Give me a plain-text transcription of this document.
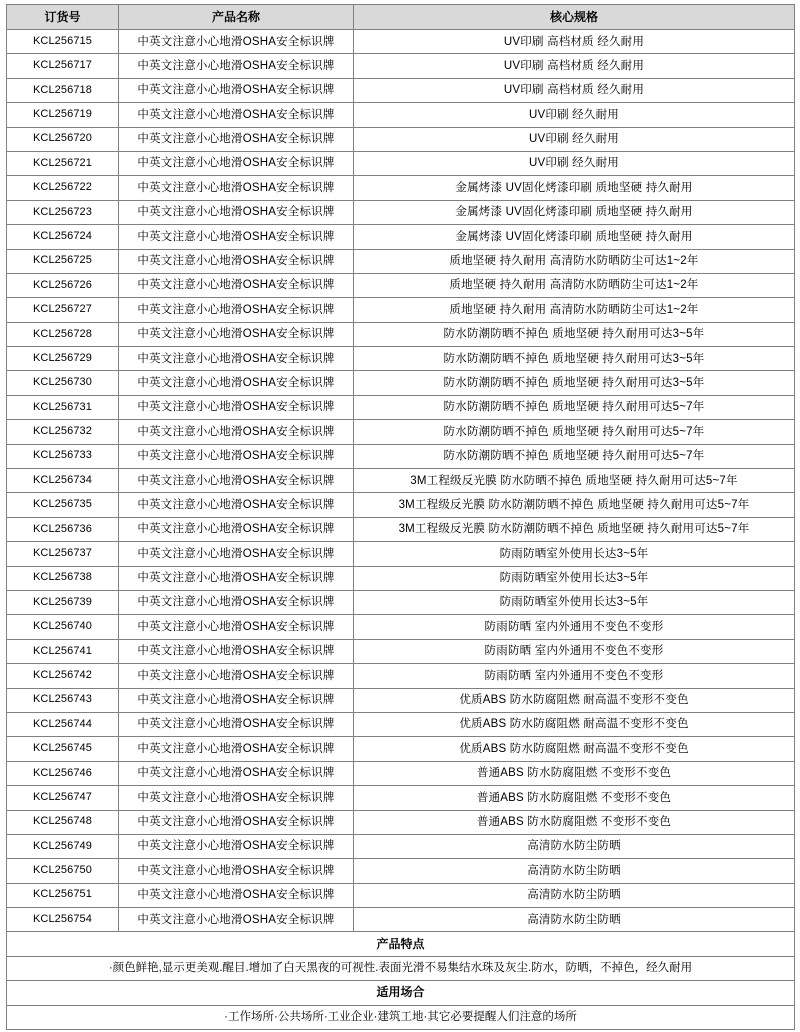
订货号	产品名称	核心规格
KCL256715	中英文注意小心地滑OSHA安全标识牌	UV印刷 高档材质 经久耐用
KCL256717	中英文注意小心地滑OSHA安全标识牌	UV印刷 高档材质 经久耐用
KCL256718	中英文注意小心地滑OSHA安全标识牌	UV印刷 高档材质 经久耐用
KCL256719	中英文注意小心地滑OSHA安全标识牌	UV印刷 经久耐用
KCL256720	中英文注意小心地滑OSHA安全标识牌	UV印刷 经久耐用
KCL256721	中英文注意小心地滑OSHA安全标识牌	UV印刷 经久耐用
KCL256722	中英文注意小心地滑OSHA安全标识牌	金属烤漆 UV固化烤漆印刷 质地坚硬 持久耐用
KCL256723	中英文注意小心地滑OSHA安全标识牌	金属烤漆 UV固化烤漆印刷 质地坚硬 持久耐用
KCL256724	中英文注意小心地滑OSHA安全标识牌	金属烤漆 UV固化烤漆印刷 质地坚硬 持久耐用
KCL256725	中英文注意小心地滑OSHA安全标识牌	质地坚硬 持久耐用 高清防水防晒防尘可达1~2年
KCL256726	中英文注意小心地滑OSHA安全标识牌	质地坚硬 持久耐用 高清防水防晒防尘可达1~2年
KCL256727	中英文注意小心地滑OSHA安全标识牌	质地坚硬 持久耐用 高清防水防晒防尘可达1~2年
KCL256728	中英文注意小心地滑OSHA安全标识牌	防水防潮防晒不掉色 质地坚硬 持久耐用可达3~5年
KCL256729	中英文注意小心地滑OSHA安全标识牌	防水防潮防晒不掉色 质地坚硬 持久耐用可达3~5年
KCL256730	中英文注意小心地滑OSHA安全标识牌	防水防潮防晒不掉色 质地坚硬 持久耐用可达3~5年
KCL256731	中英文注意小心地滑OSHA安全标识牌	防水防潮防晒不掉色 质地坚硬 持久耐用可达5~7年
KCL256732	中英文注意小心地滑OSHA安全标识牌	防水防潮防晒不掉色 质地坚硬 持久耐用可达5~7年
KCL256733	中英文注意小心地滑OSHA安全标识牌	防水防潮防晒不掉色 质地坚硬 持久耐用可达5~7年
KCL256734	中英文注意小心地滑OSHA安全标识牌	3M工程级反光膜 防水防晒不掉色 质地坚硬 持久耐用可达5~7年
KCL256735	中英文注意小心地滑OSHA安全标识牌	3M工程级反光膜 防水防潮防晒不掉色 质地坚硬 持久耐用可达5~7年
KCL256736	中英文注意小心地滑OSHA安全标识牌	3M工程级反光膜 防水防潮防晒不掉色 质地坚硬 持久耐用可达5~7年
KCL256737	中英文注意小心地滑OSHA安全标识牌	防雨防晒室外使用长达3~5年
KCL256738	中英文注意小心地滑OSHA安全标识牌	防雨防晒室外使用长达3~5年
KCL256739	中英文注意小心地滑OSHA安全标识牌	防雨防晒室外使用长达3~5年
KCL256740	中英文注意小心地滑OSHA安全标识牌	防雨防晒 室内外通用不变色不变形
KCL256741	中英文注意小心地滑OSHA安全标识牌	防雨防晒 室内外通用不变色不变形
KCL256742	中英文注意小心地滑OSHA安全标识牌	防雨防晒 室内外通用不变色不变形
KCL256743	中英文注意小心地滑OSHA安全标识牌	优质ABS 防水防腐阻燃 耐高温不变形不变色
KCL256744	中英文注意小心地滑OSHA安全标识牌	优质ABS 防水防腐阻燃 耐高温不变形不变色
KCL256745	中英文注意小心地滑OSHA安全标识牌	优质ABS 防水防腐阻燃 耐高温不变形不变色
KCL256746	中英文注意小心地滑OSHA安全标识牌	普通ABS 防水防腐阻燃 不变形不变色
KCL256747	中英文注意小心地滑OSHA安全标识牌	普通ABS 防水防腐阻燃 不变形不变色
KCL256748	中英文注意小心地滑OSHA安全标识牌	普通ABS 防水防腐阻燃 不变形不变色
KCL256749	中英文注意小心地滑OSHA安全标识牌	高清防水防尘防晒
KCL256750	中英文注意小心地滑OSHA安全标识牌	高清防水防尘防晒
KCL256751	中英文注意小心地滑OSHA安全标识牌	高清防水防尘防晒
KCL256754	中英文注意小心地滑OSHA安全标识牌	高清防水防尘防晒
产品特点		
·颜色鲜艳,显示更美观.醒目.增加了白天黑夜的可视性.表面光滑不易集结水珠及灰尘.防水，防晒，不掉色，经久耐用		
适用场合		
·工作场所·公共场所·工业企业·建筑工地·其它必要提醒人们注意的场所		
